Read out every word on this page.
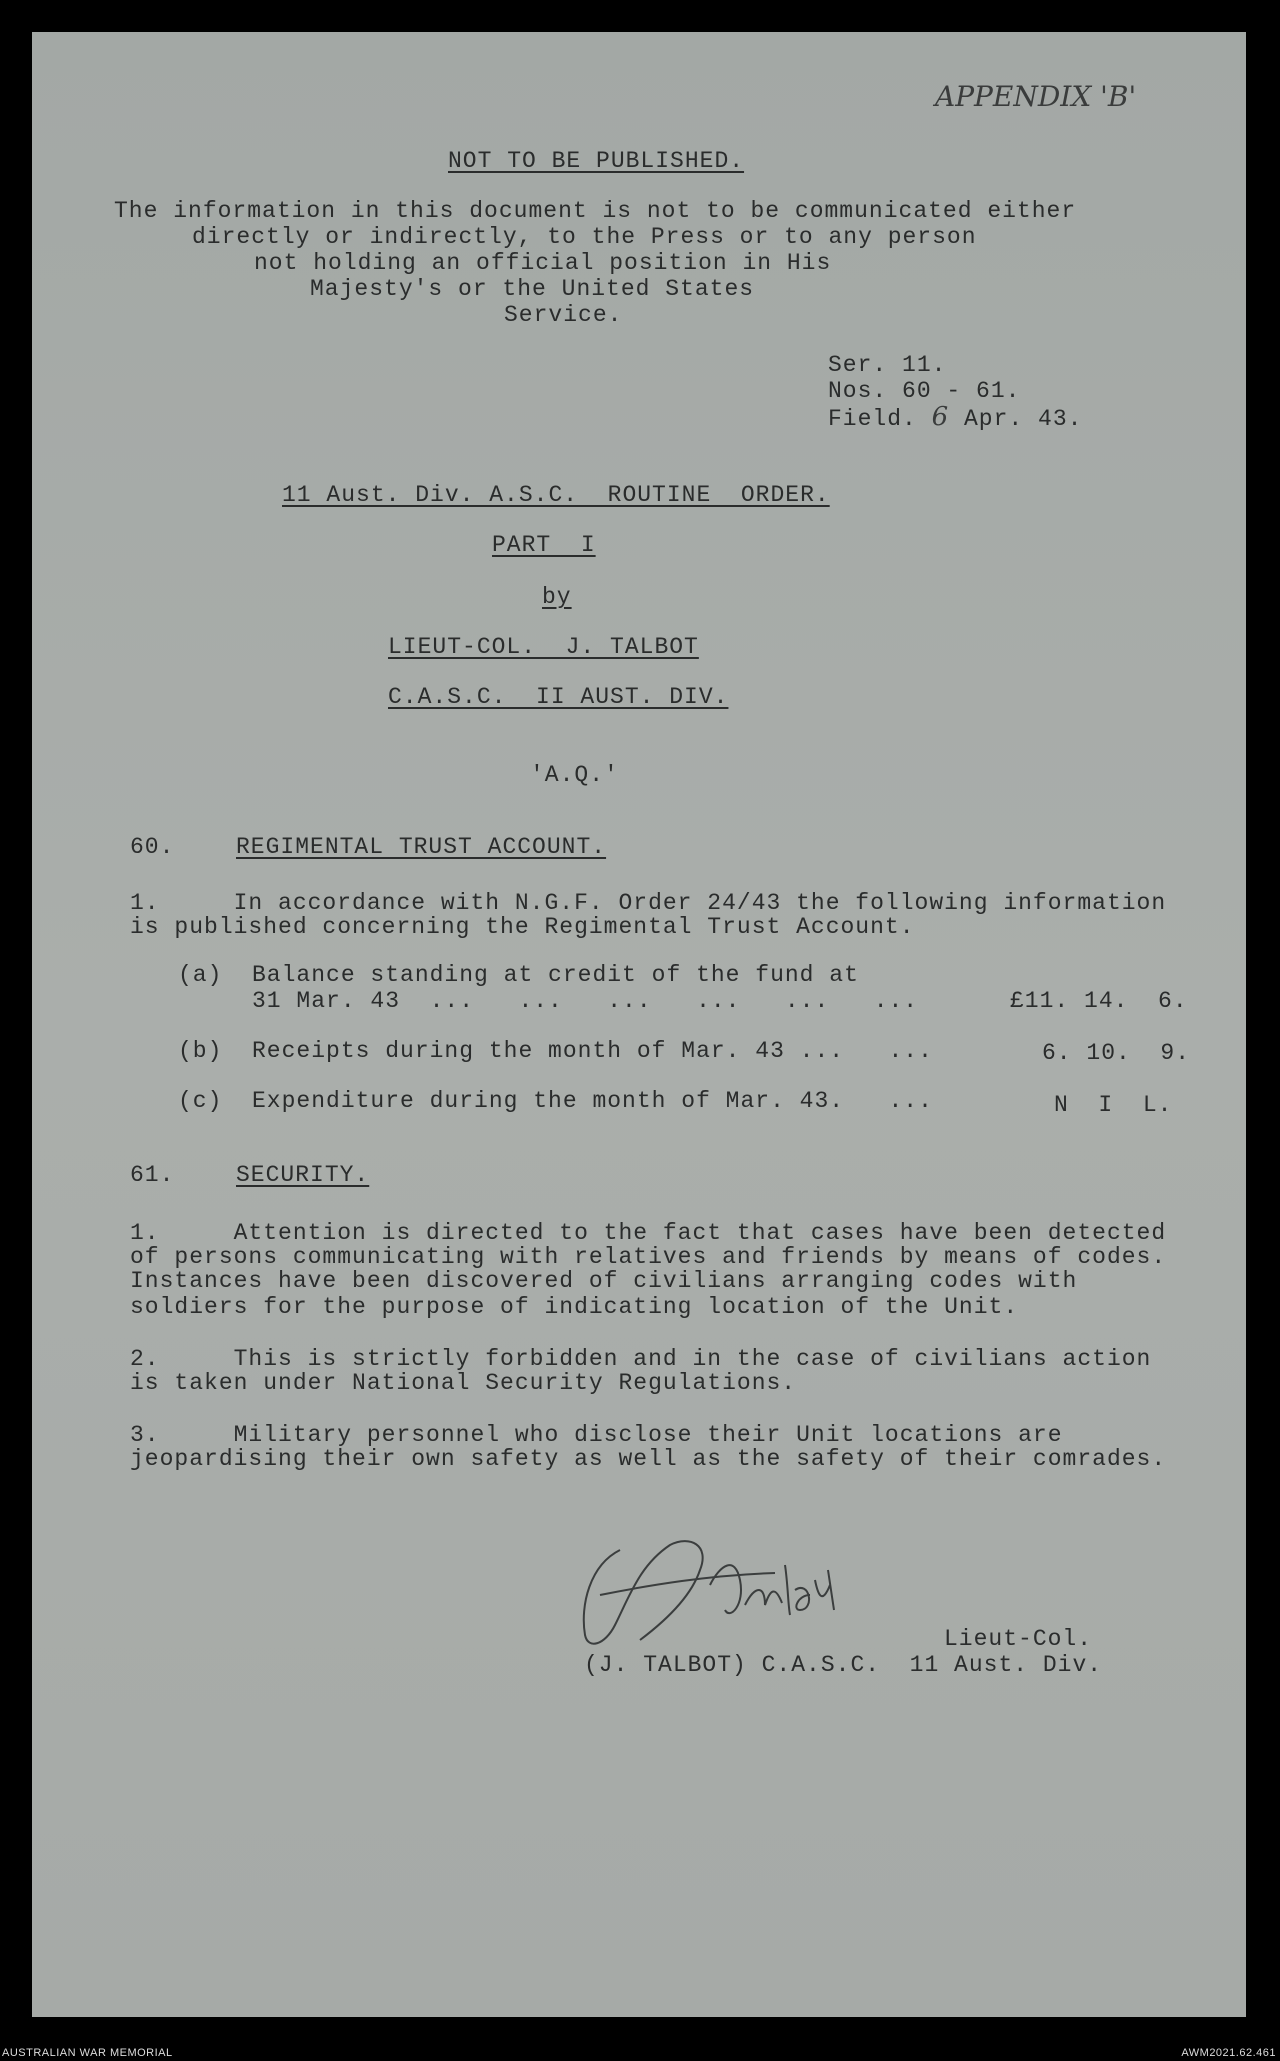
APPENDIX 'B'
NOT TO BE PUBLISHED.
The information in this document is not to be communicated either
directly or indirectly, to the Press or to any person
not holding an official position in His
Majesty's or the United States
Service.
Ser. 11.
Nos. 60 - 61.
Field. 6 Apr. 43.
11 Aust. Div. A.S.C.  ROUTINE  ORDER.
PART  I
by
LIEUT-COL.  J. TALBOT
C.A.S.C.  II AUST. DIV.
'A.Q.'
60.	REGIMENTAL TRUST ACCOUNT.
1.     In accordance with N.G.F. Order 24/43 the following information
is published concerning the Regimental Trust Account.
(a) Balance standing at credit of the fund at
31 Mar. 43  ...   ...   ...   ...   ...   ...	£11. 14.  6.
(b) Receipts during the month of Mar. 43 ...   ...	6. 10.  9.
(c) Expenditure during the month of Mar. 43.   ...	N  I  L.
61.	SECURITY.
1.     Attention is directed to the fact that cases have been detected
of persons communicating with relatives and friends by means of codes.
Instances have been discovered of civilians arranging codes with
soldiers for the purpose of indicating location of the Unit.
2.     This is strictly forbidden and in the case of civilians action
is taken under National Security Regulations.
3.     Military personnel who disclose their Unit locations are
jeopardising their own safety as well as the safety of their comrades.
Lieut-Col.
(J. TALBOT) C.A.S.C.  11 Aust. Div.
AUSTRALIAN WAR MEMORIAL	AWM2021.62.461
